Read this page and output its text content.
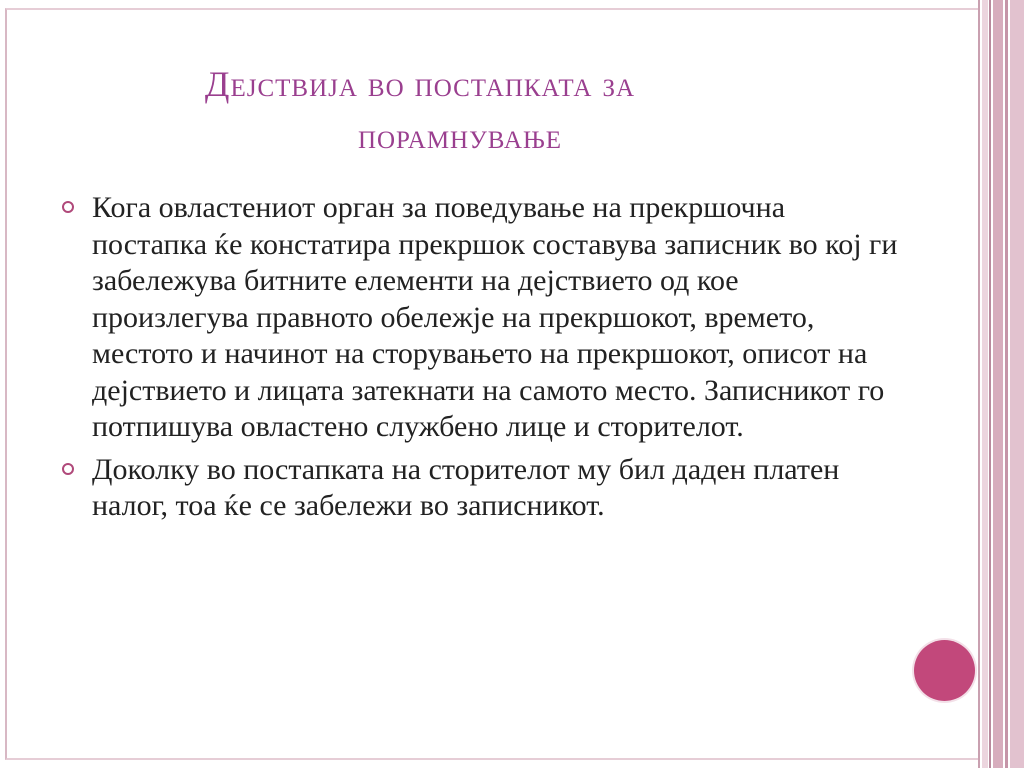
Дејствија во постапката за
порамнување
Кога овластениот орган за поведување на прекршочна постапка ќе констатира прекршок составува записник во кој ги забележува битните елементи на дејствието од кое произлегува правното обележје на прекршокот, времето, местото и начинот на сторувањето на прекршокот, описот на дејствието и лицата затекнати на самото место. Записникот го потпишува овластено службено лице и сторителот.
Доколку во постапката на сторителот му бил даден платен налог, тоа ќе се забележи во записникот.
